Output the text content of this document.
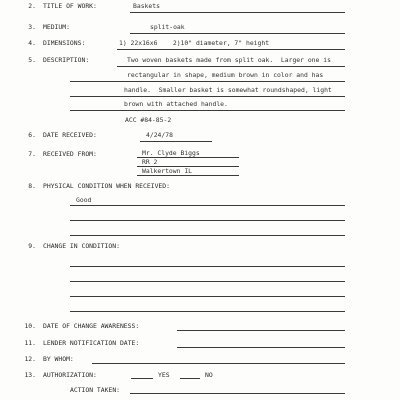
2. TITLE OF WORK:	Baskets
3. MEDIUM:	split-oak
4. DIMENSIONS:	1) 22x16x6    2)10" diameter, 7" height
5. DESCRIPTION:	Two woven baskets made from split oak.  Larger one is
rectangular in shape, medium brown in color and has
handle.  Smaller basket is somewhat roundshaped, light
brown with attached handle.
ACC #84-85-2
6. DATE RECEIVED:	4/24/78
7. RECEIVED FROM:	Mr. Clyde Biggs
RR 2
Walkertown IL
8. PHYSICAL CONDITION WHEN RECEIVED:
Good
9. CHANGE IN CONDITION:
10. DATE OF CHANGE AWARENESS:
11. LENDER NOTIFICATION DATE:
12. BY WHOM:
13. AUTHORIZATION:	YES	NO
ACTION TAKEN:
